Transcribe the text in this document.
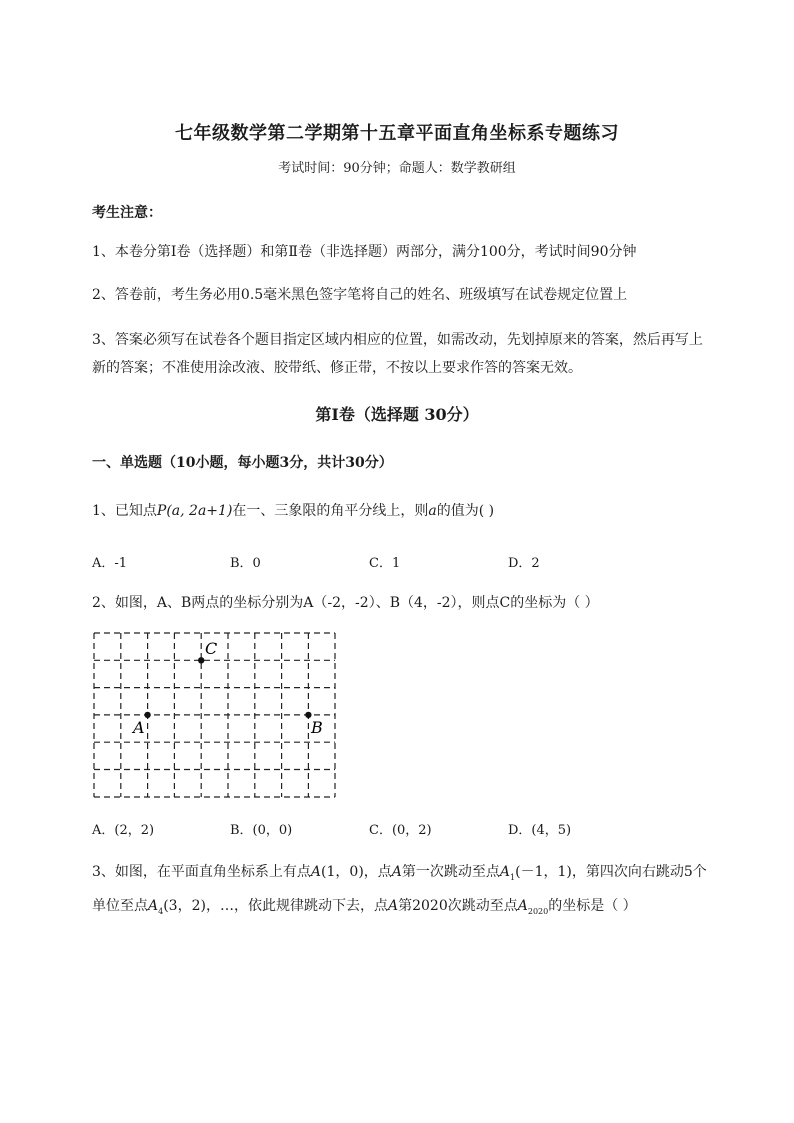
七年级数学第二学期第十五章平面直角坐标系专题练习
考试时间：90分钟；命题人：数学教研组
考生注意：
1、本卷分第I卷（选择题）和第Ⅱ卷（非选择题）两部分，满分100分，考试时间90分钟
2、答卷前，考生务必用0.5毫米黑色签字笔将自己的姓名、班级填写在试卷规定位置上
3、答案必须写在试卷各个题目指定区域内相应的位置，如需改动，先划掉原来的答案，然后再写上新的答案；不准使用涂改液、胶带纸、修正带，不按以上要求作答的答案无效。
第I卷（选择题 30分）
一、单选题（10小题，每小题3分，共计30分）
1、已知点P(a, 2a+1)在一、三象限的角平分线上，则a的值为( )
A．-1	B．0	C．1	D．2
2、如图，A、B两点的坐标分别为A（-2，-2）、B（4，-2），则点C的坐标为（ ）
C
A	B
A．(2，2)	B．(0，0)	C．(0，2)	D．(4，5)
3、如图，在平面直角坐标系上有点A(1，0)，点A第一次跳动至点$A_1(-1$，1)，第四次向右跳动5个单位至点$A_4(3$，2)，…，依此规律跳动下去，点A第2020次跳动至点$A_{2020}$的坐标是（ ）
